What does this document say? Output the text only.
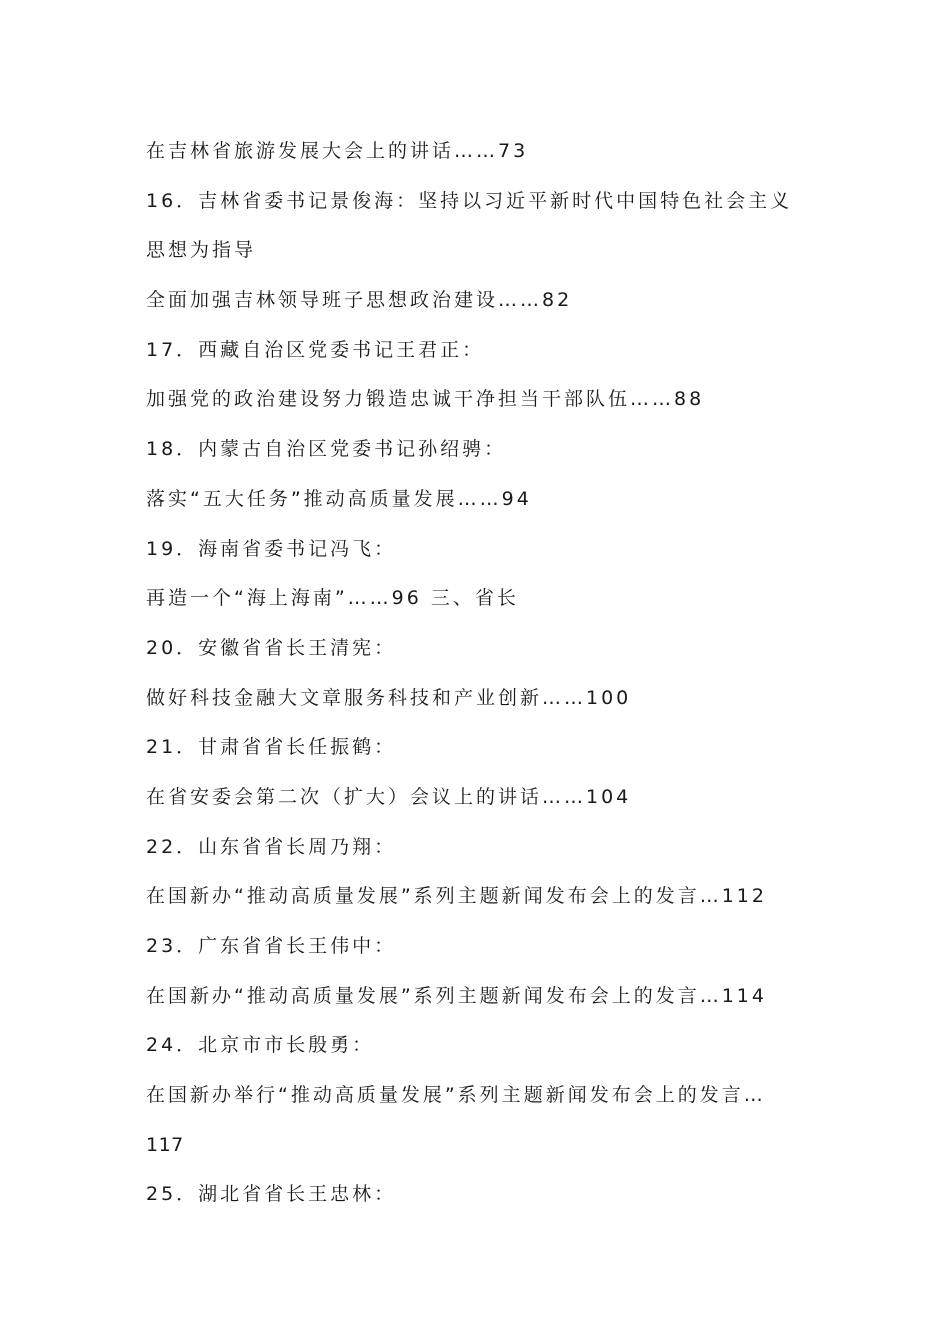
在吉林省旅游发展大会上的讲话……73
16．吉林省委书记景俊海：坚持以习近平新时代中国特色社会主义
思想为指导
全面加强吉林领导班子思想政治建设……82
17．西藏自治区党委书记王君正：
加强党的政治建设努力锻造忠诚干净担当干部队伍……88
18．内蒙古自治区党委书记孙绍骋：
落实“五大任务”推动高质量发展……94
19．海南省委书记冯飞：
再造一个“海上海南”……96 三、省长
20．安徽省省长王清宪：
做好科技金融大文章服务科技和产业创新……100
21．甘肃省省长任振鹤：
在省安委会第二次（扩大）会议上的讲话……104
22．山东省省长周乃翔：
在国新办“推动高质量发展”系列主题新闻发布会上的发言…112
23．广东省省长王伟中：
在国新办“推动高质量发展”系列主题新闻发布会上的发言…114
24．北京市市长殷勇：
在国新办举行“推动高质量发展”系列主题新闻发布会上的发言…
117
25．湖北省省长王忠林：
